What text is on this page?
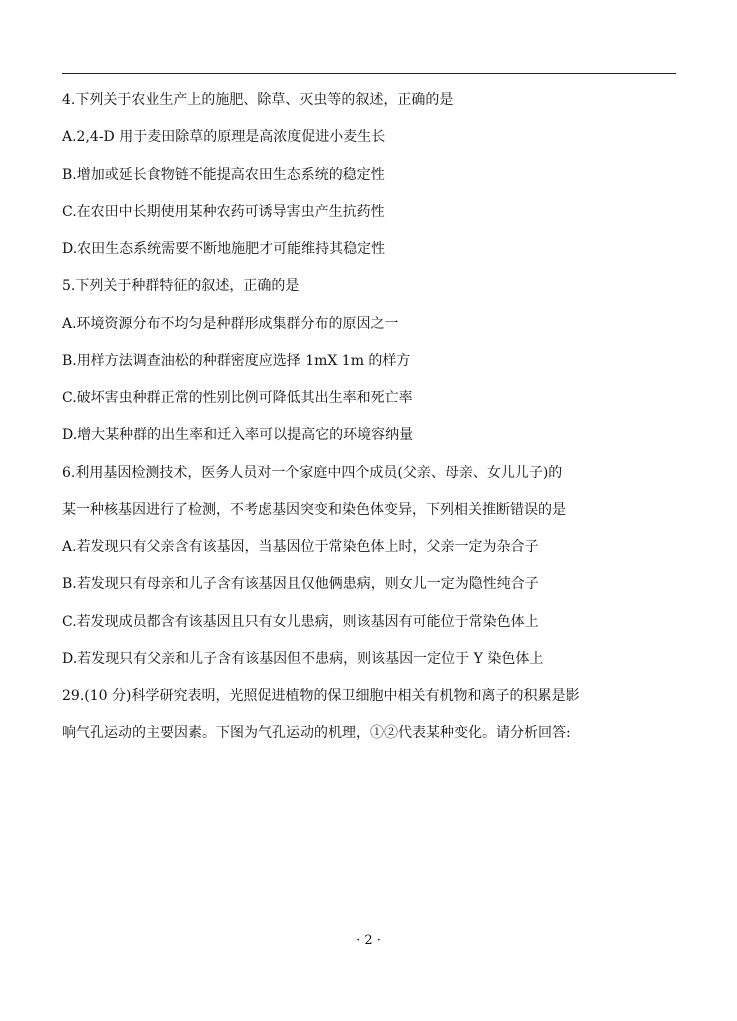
4.下列关于农业生产上的施肥、除草、灭虫等的叙述，正确的是
A.2,4-D 用于麦田除草的原理是高浓度促进小麦生长
B.增加或延长食物链不能提高农田生态系统的稳定性
C.在农田中长期使用某种农药可诱导害虫产生抗药性
D.农田生态系统需要不断地施肥才可能维持其稳定性
5.下列关于种群特征的叙述，正确的是
A.环境资源分布不均匀是种群形成集群分布的原因之一
B.用样方法调查油松的种群密度应选择 1mX 1m 的样方
C.破坏害虫种群正常的性别比例可降低其出生率和死亡率
D.增大某种群的出生率和迁入率可以提高它的环境容纳量
6.利用基因检测技术，医务人员对一个家庭中四个成员(父亲、母亲、女儿儿子)的
某一种核基因进行了检测，不考虑基因突变和染色体变异，下列相关推断错误的是
A.若发现只有父亲含有该基因，当基因位于常染色体上时，父亲一定为杂合子
B.若发现只有母亲和儿子含有该基因且仅他俩患病，则女儿一定为隐性纯合子
C.若发现成员都含有该基因且只有女儿患病，则该基因有可能位于常染色体上
D.若发现只有父亲和儿子含有该基因但不患病，则该基因一定位于 Y 染色体上
29.(10 分)科学研究表明，光照促进植物的保卫细胞中相关有机物和离子的积累是影
响气孔运动的主要因素。下图为气孔运动的机理，①②代表某种变化。请分析回答:
· 2 ·
